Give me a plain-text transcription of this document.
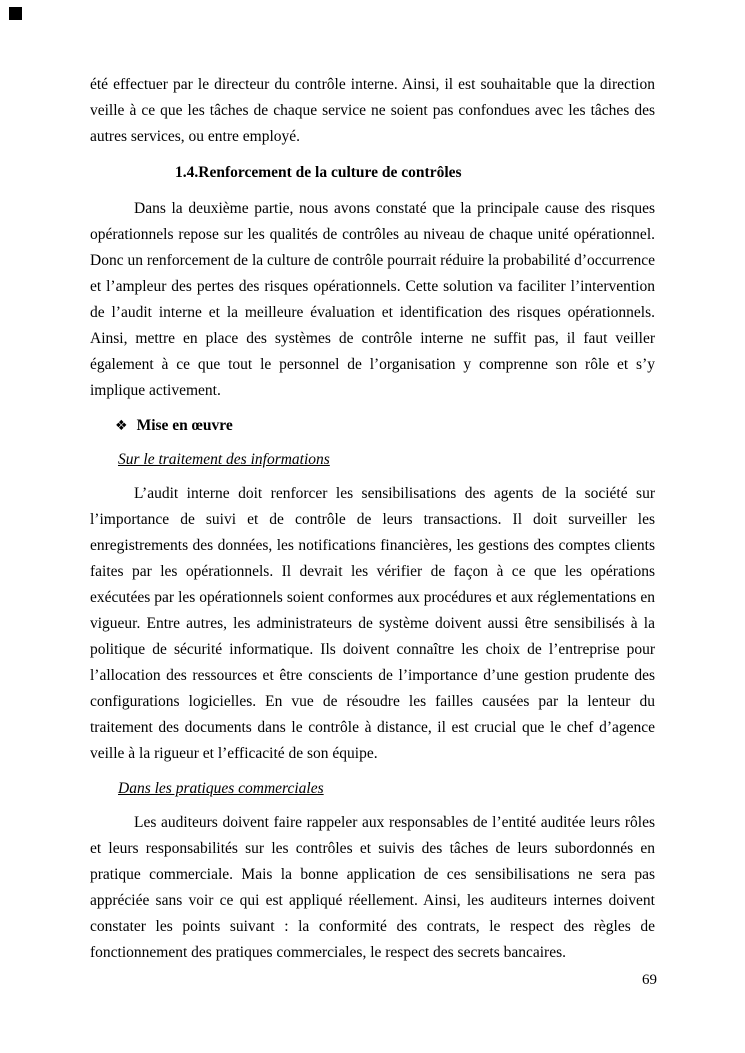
été effectuer par le directeur du contrôle interne. Ainsi, il est souhaitable que la direction veille à ce que les tâches de chaque service ne soient pas confondues avec les tâches des autres services, ou entre employé.

1.4.Renforcement de la culture de contrôles

Dans la deuxième partie, nous avons constaté que la principale cause des risques opérationnels repose sur les qualités de contrôles au niveau de chaque unité opérationnel. Donc un renforcement de la culture de contrôle pourrait réduire la probabilité d’occurrence et l’ampleur des pertes des risques opérationnels. Cette solution va faciliter l’intervention de l’audit interne et la meilleure évaluation et identification des risques opérationnels. Ainsi, mettre en place des systèmes de contrôle interne ne suffit pas, il faut veiller également à ce que tout le personnel de l’organisation y comprenne son rôle et s’y implique activement.

❖ Mise en œuvre

Sur le traitement des informations

L’audit interne doit renforcer les sensibilisations des agents de la société sur l’importance de suivi et de contrôle de leurs transactions. Il doit surveiller les enregistrements des données, les notifications financières, les gestions des comptes clients faites par les opérationnels. Il devrait les vérifier de façon à ce que les opérations exécutées par les opérationnels soient conformes aux procédures et aux réglementations en vigueur. Entre autres, les administrateurs de système doivent aussi être sensibilisés à la politique de sécurité informatique. Ils doivent connaître les choix de l’entreprise pour l’allocation des ressources et être conscients de l’importance d’une gestion prudente des configurations logicielles. En vue de résoudre les failles causées par la lenteur du traitement des documents dans le contrôle à distance, il est crucial que le chef d’agence veille à la rigueur et l’efficacité de son équipe.

Dans les pratiques commerciales

Les auditeurs doivent faire rappeler aux responsables de l’entité auditée leurs rôles et leurs responsabilités sur les contrôles et suivis des tâches de leurs subordonnés en pratique commerciale. Mais la bonne application de ces sensibilisations ne sera pas appréciée sans voir ce qui est appliqué réellement. Ainsi, les auditeurs internes doivent constater les points suivant : la conformité des contrats, le respect des règles de fonctionnement des pratiques commerciales, le respect des secrets bancaires.

69
